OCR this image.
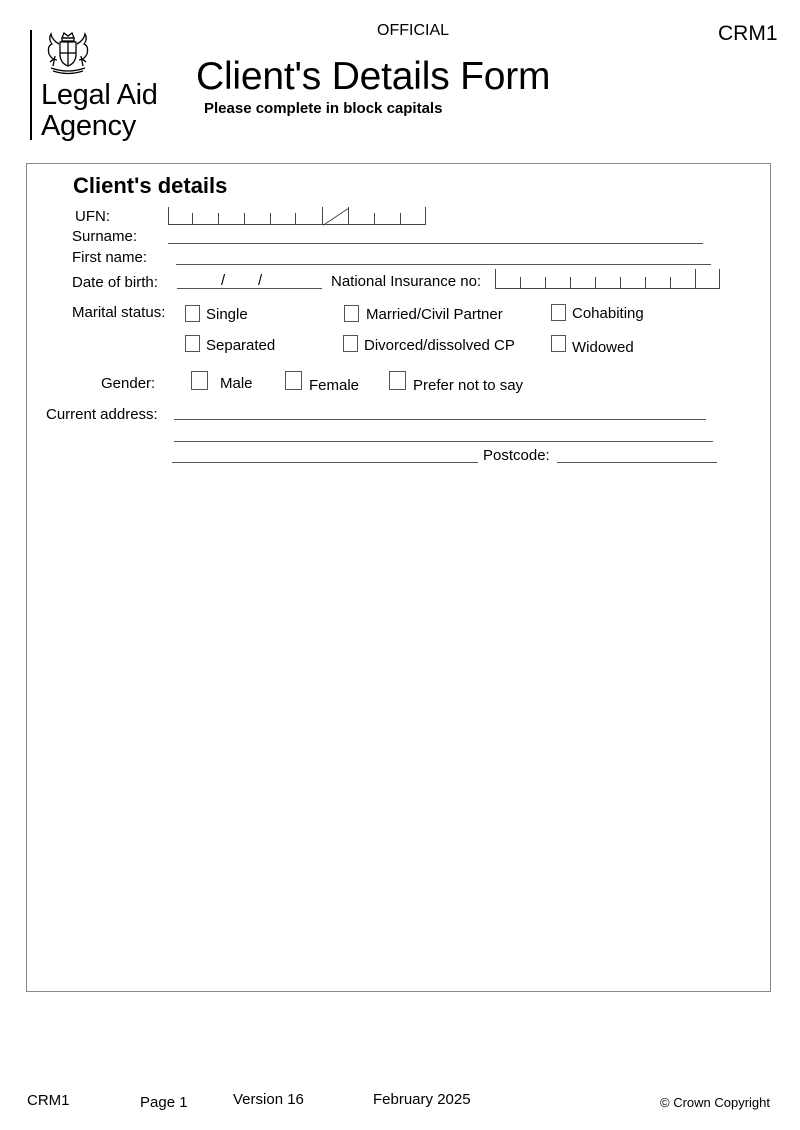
Legal Aid
Agency
OFFICIAL	CRM1
Client's Details Form
Please complete in block capitals
Client's details
UFN:
Surname:
First name:
Date of birth:	/ /	National Insurance no:
Marital status:	Single	Married/Civil Partner	Cohabiting
Separated	Divorced/dissolved CP	Widowed
Gender:	Male	Female	Prefer not to say
Current address:
Postcode:
CRM1	Page 1	Version 16	February 2025	© Crown Copyright
